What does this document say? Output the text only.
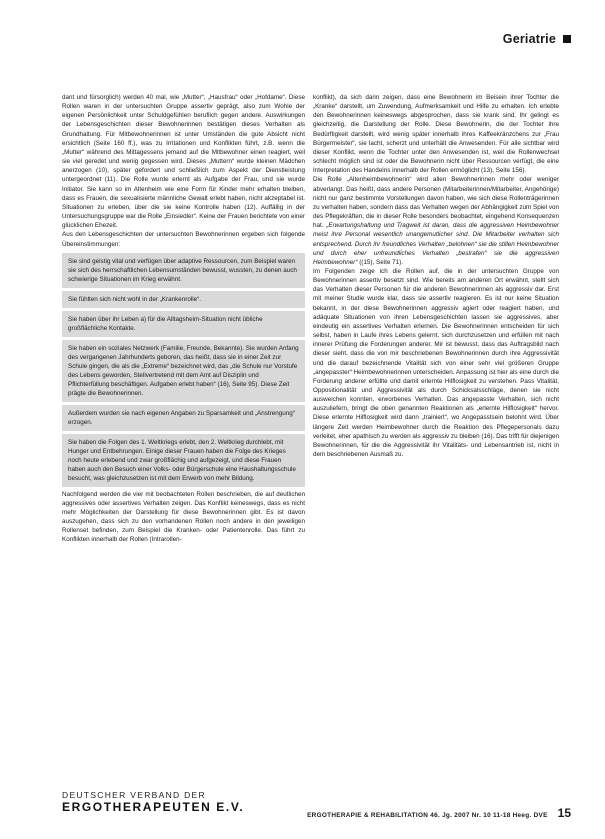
Geriatrie

dant und fürsorglich) werden 40 mal, wie „Mutter“, „Hausfrau“ oder „Hofdame“. Diese Rollen waren in der untersuchten Gruppe assertiv geprägt, also zum Wohle der eigenen Persönlichkeit unter Schuldgefühlen beruflich gegen andere. Auswirkungen der Lebensgeschichten dieser Bewohnerinnen bestätigen dieses Verhalten als Grundhaltung. Für Mitbewohnerinnen ist unter Umständen die gute Absicht nicht ersichtlich (Seite 160 ff.), was zu Irritationen und Konflikten führt, z.B. wenn die „Mutter“ während des Mittagessens jemand auf die Mitbewohner einen reagiert, weil sie viel geredet und wenig gegessen wird. Dieses „Muttern“ wurde kleinen Mädchen anerzogen (10), später gefordert und schließlich zum Aspekt der Dienstleistung untergeordnet (11). Die Rolle wurde erlernt als Aufgabe der Frau, und sie wurde Initiator. Sie kann so im Altenheim wie eine Form für Kinder mehr erhalten bleiben, dass es Frauen, die sexualisierte männliche Gewalt erlebt haben, nicht akzeptabel ist. Situationen zu erleben, über die sie keine Kontrolle haben (12). Auffällig in der Untersuchungsgruppe war die Rolle „Einsiedler“. Keine der Frauen berichtete von einer glücklichen Ehezeit.

Aus den Lebensgeschichten der untersuchten Bewohnerinnen ergeben sich folgende Übereinstimmungen:

Sie sind geistig vital und verfügen über adaptive Ressourcen, zum Beispiel waren sie sich des herrschaftlichen Lebensumständen bewusst, wussten, zu denen auch schwierige Situationen im Krieg erwähnt.
Sie fühlten sich nicht wohl in der „Krankenrolle“.
Sie haben über ihr Leben a) für die Alltagsheim-Situation nicht übliche großflächliche Kontakte.
Sie haben ein soziales Netzwerk (Familie, Freunde, Bekannte). Sie wurden Anfang des vergangenen Jahrhunderts geboren, das heißt, dass sie in einer Zeit zur Schule gingen, die als die „Extreme“ bezeichnet wird, das „die Schule nur Vorstufe des Lebens geworden, Stellvertretend mit dem Amt auf Disziplin und Pflichterfüllung beschäftigen. Aufgaben erlebt haben“ (16), Seite 95). Diese Zeit prägte die Bewohnerinnen.
Außerdem wurden sie nach eigenen Angaben zu Sparsamkeit und „Anstrengung“ erzogen.
Sie haben die Folgen des 1. Weltkriegs erlebt, den 2. Weltkrieg durchlebt, mit Hunger und Entbehrungen. Einige dieser Frauen haben die Folge des Krieges noch heute erlebend und zwar großflächig und aufgezeigt, und diese Frauen haben auch den Besuch einer Volks- oder Bürgerschule eine Haushaltungsschule besucht, was gleichzusetzen ist mit dem Erwerb von mehr Bildung.

Nachfolgend werden die vier mit beobachteten Rollen beschrieben, die auf deutlichen aggressives oder assertives Verhalten zeigen. Das Konflikt keineswegs, dass es nicht mehr Möglichkeiten der Darstellung für diese Bewohnerinnen gibt. Es ist davon auszugehen, dass sich zu den vorhandenen Rollen noch andere in den jeweiligen Rollenset befinden, zum Beispiel die Kranken- oder Patientenrolle. Das führt zu Konflikten innerhalb der Rollen (Intrarollen-

konflikt), da sich darin zeigen, dass eine Bewohnerin im Beisein ihrer Tochter die „Kranke“ darstellt, um Zuwendung, Aufmerksamkeit und Hilfe zu erhalten. Ich erlebte den Bewohnerinnen keineswegs abgesprochen, dass sie krank sind. Ihr gelingt es gleichzeitig, die Darstellung der Rolle. Diese Bewohnerin, die der Tochter ihre Bedürftigkeit darstellt, wird wenig später innerhalb ihres Kaffeekränzchens zur „Frau Bürgermeister“, sie lacht, scherzt und unterhält die Anwesenden. Für alle sichtbar wird dieser Konflikt, wenn die Tochter unter den Anwesenden ist, weil die Rollenwechsel schlecht möglich sind ist oder die Bewohnerin nicht über Ressourcen verfügt, die eine Interpretation des Handelns innerhalb der Rollen ermöglicht (13), Seite 156).

Die Rolle „Altenheimbewohnerin“ wird allen Bewohnerinnen mehr oder weniger abverlangt. Das heißt, dass andere Personen (Mitarbeiterinnen/Mitarbeiter, Angehörige) nicht nur ganz bestimmte Vorstellungen davon haben, wie sich diese Rollenträgerinnen zu verhalten haben, sondern dass das Verhalten wegen der Abhängigkeit zum Spiel von des Pflegekräften, die in dieser Rolle besonders beobachtet, eingehend Konsequenzen hat. „Erwartungshaltung und Tragweit ist daran, dass die aggressiven Heimbewohner meist ihre Personal wesentlich unangemutlicher sind. Die Mitarbeiter verhalten sich entsprechend. Durch ihr freundliches Verhalten „belohnen“ sie die stillen Heimbewohner und durch eher unfreundliches Verhalten „bestrafen“ sie die aggressiven Heimbewohner“ ((15), Seite 71).

Im Folgenden zeige ich die Rollen auf, die in der untersuchten Gruppe von Bewohnerinnen assertiv besetzt sind. Wie bereits am anderen Ort erwähnt, stellt sich das Verhalten dieser Personen für die anderen Bewohnerinnen als aggressiv dar. Erst mit meiner Studie wurde klar, dass sie assertiv reagieren. Es ist nur keine Situation bekannt, in der diese Bewohnerinnen aggressiv agiert oder reagiert haben, und adäquate Situationen von ihren Lebensgeschichten lassen sie aggressives, aber eindeutig ein assertives Verhalten erlernen. Die Bewohnerinnen entscheiden für sich selbst, haben in Laufe ihres Lebens gelernt, sich durchzusetzen und erfüllen mit nach innerer Prüfung die Forderungen anderer. Mir ist bewusst, dass das Auftragsbild nach dieser sieht, dass die von mir beschriebenen Bewohnerinnen durch ihre Aggressivität und die darauf bezeichnende Vitalität sich von einer sehr viel größeren Gruppe „angepasster“ Heimbewohnerinnen unterscheiden. Anpassung ist hier als eine durch die Forderung anderer erfüllte und damit erlernte Hilflosigkeit zu verstehen. Pass Vitalität, Oppositionalität und Aggressivität als durch Schicksalsschläge, denen sie nicht ausweichen konnten, erworbenes Verhalten. Das angepasste Verhalten, sich nicht auszuliefern, bringt die oben genannten Reaktionen als „erlernte Hilflosigkeit“ hervor. Diese erlernte Hilflosigkeit wird dann „trainiert“, wo Angepasstsein belohnt wird. Über längere Zeit werden Heimbewohner durch die Reaktion des Pflegepersonals dazu verleitet, eher apathisch zu werden als aggressiv zu bleiben (16). Das trifft für diejenigen Bewohnerinnen, für die die Aggressivität ihr Vitalitäts- und Lebensantrieb ist, nicht in dem beschriebenen Ausmaß zu.

DEUTSCHER VERBAND DER
ERGOTHERAPEUTEN E.V.
ERGOTHERAPIE & REHABILITATION 46. Jg. 2007 Nr. 10 11-18 Heeg. DVE 15
